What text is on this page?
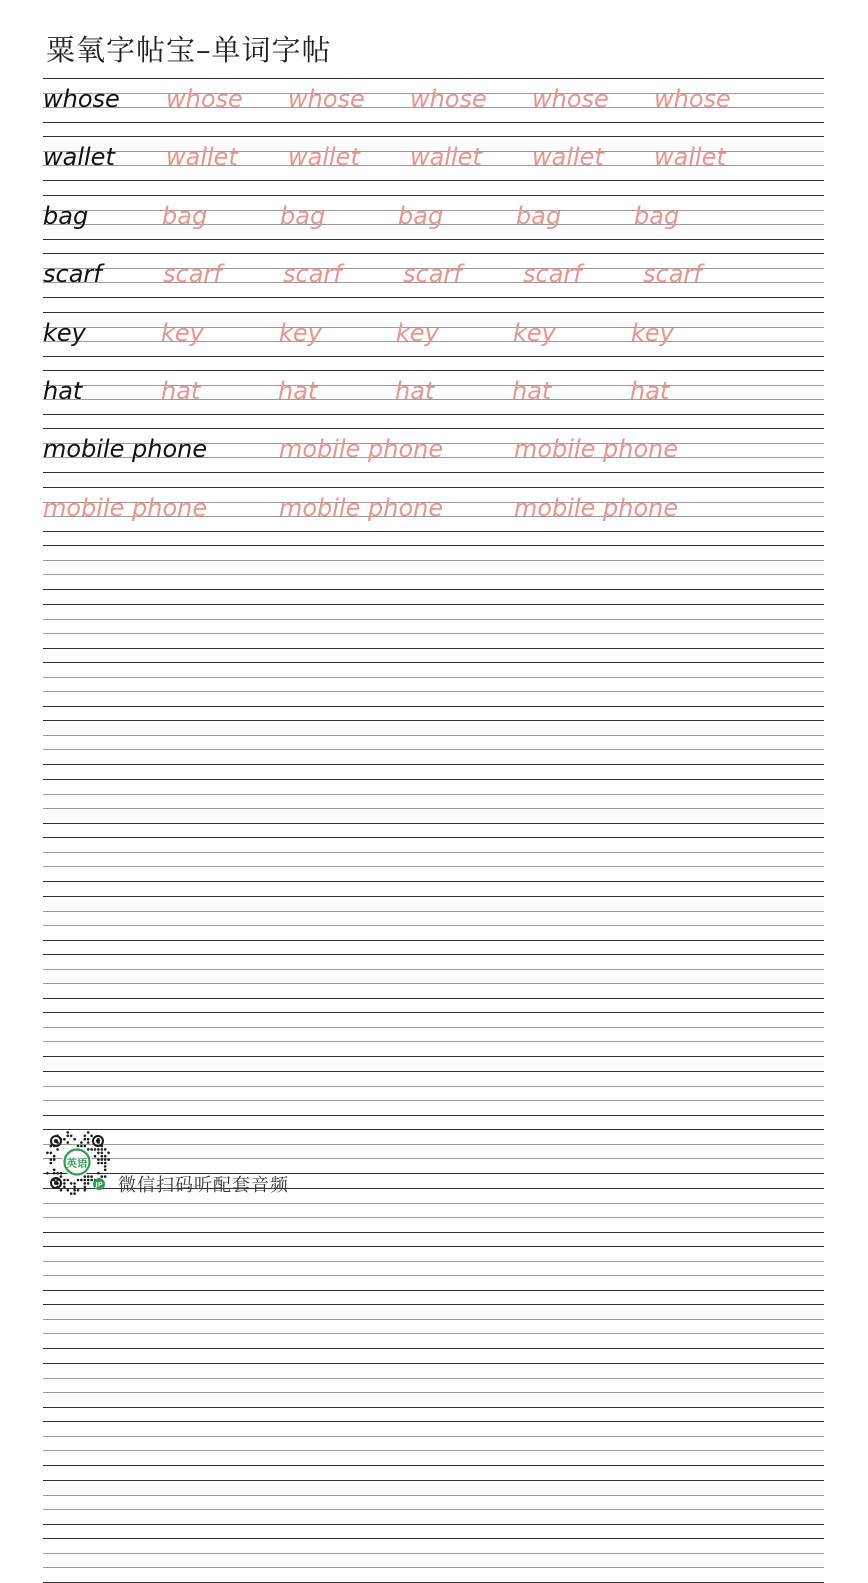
粟氧字帖宝–单词字帖
whose whose whose whose whose whose
wallet wallet wallet wallet wallet wallet
bag	bag	bag	bag	bag	bag
scarf	scarf	scarf	scarf	scarf	scarf
key	key	key	key	key	key
hat	hat	hat	hat	hat	hat
mobile phone	mobile phone	mobile phone
mobile phone	mobile phone	mobile phone
英语
JP 微信扫码听配套音频
